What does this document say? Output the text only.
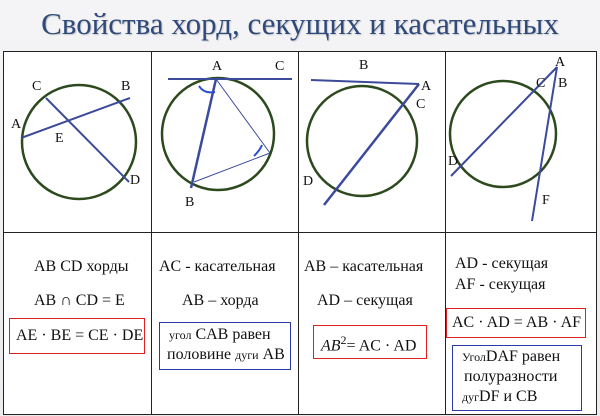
Свойства хорд, секущих и касательных
A
B
C
D
E
A	C
B
B
A
C
D
A
C B
D
F
AB CD хорды
AB ∩ CD = E
AE · BE = CE · DE
AC - касательная
AB – хорда
угол CAB равен
половине дуги AB
AB – касательная
AD – секущая
$AB^2=$ AC · AD
AD - секущая
AF - секущая
AC · AD = AB · AF
УголDAF равен
полуразности
дугDF и CB
